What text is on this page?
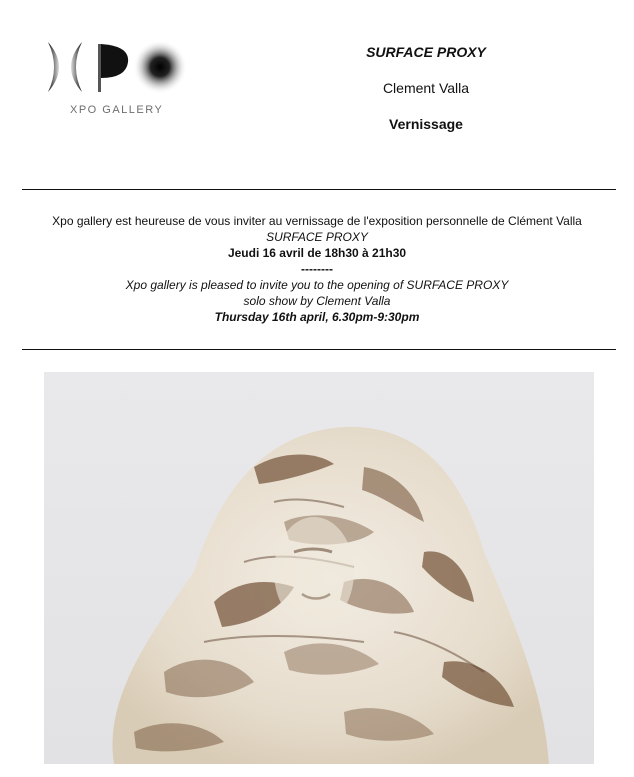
XPO GALLERY

SURFACE PROXY

Clement Valla

Vernissage

Xpo gallery est heureuse de vous inviter au vernissage de l'exposition personnelle de Clément Valla

SURFACE PROXY

Jeudi 16 avril de 18h30 à 21h30

--------

Xpo gallery is pleased to invite you to the opening of SURFACE PROXY

solo show by Clement Valla

Thursday 16th april, 6.30pm-9:30pm
